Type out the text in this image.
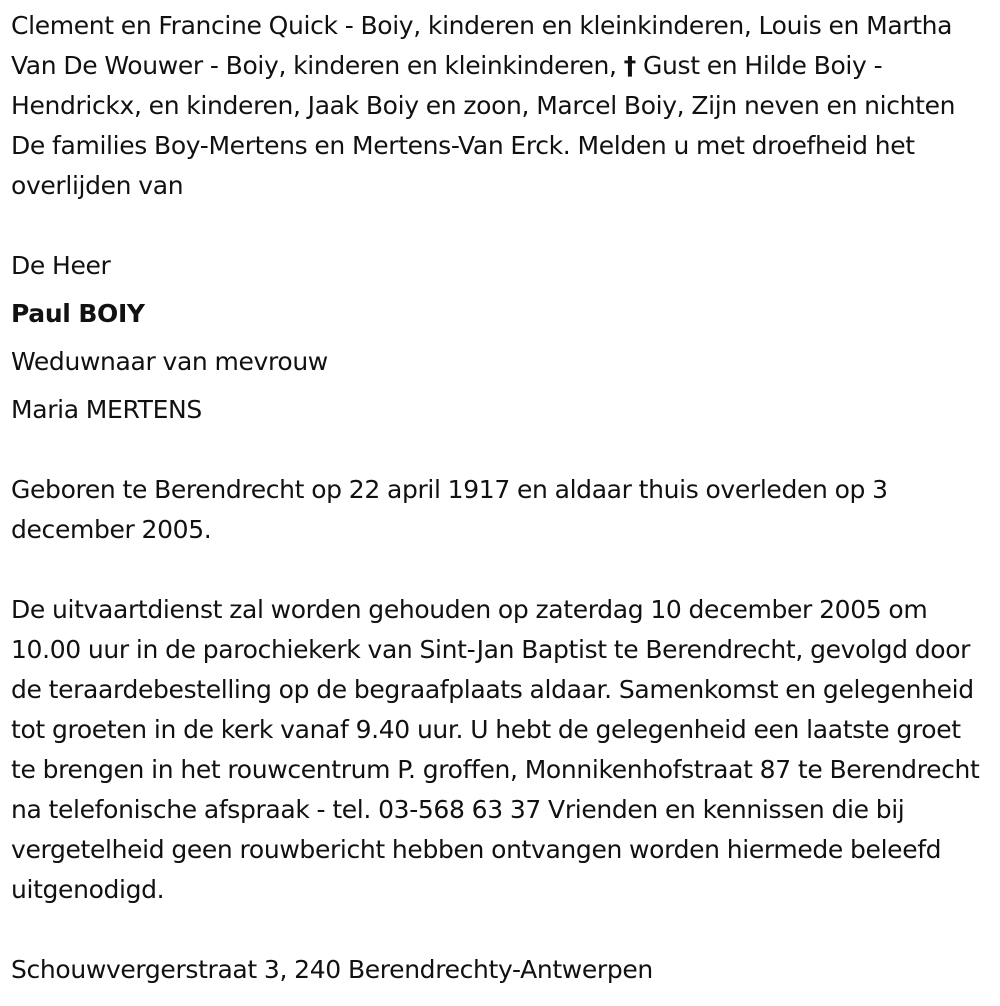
Clement en Francine Quick - Boiy, kinderen en kleinkinderen, Louis en Martha Van De Wouwer - Boiy, kinderen en kleinkinderen, † Gust en Hilde Boiy - Hendrickx, en kinderen, Jaak Boiy en zoon, Marcel Boiy, Zijn neven en nichten De families Boy-Mertens en Mertens-Van Erck. Melden u met droefheid het overlijden van

De Heer

Paul BOIY

Weduwnaar van mevrouw

Maria MERTENS

Geboren te Berendrecht op 22 april 1917 en aldaar thuis overleden op 3 december 2005.

De uitvaartdienst zal worden gehouden op zaterdag 10 december 2005 om 10.00 uur in de parochiekerk van Sint-Jan Baptist te Berendrecht, gevolgd door de teraardebestelling op de begraafplaats aldaar. Samenkomst en gelegenheid tot groeten in de kerk vanaf 9.40 uur. U hebt de gelegenheid een laatste groet te brengen in het rouwcentrum P. groffen, Monnikenhofstraat 87 te Berendrecht na telefonische afspraak - tel. 03-568 63 37 Vrienden en kennissen die bij vergetelheid geen rouwbericht hebben ontvangen worden hiermede beleefd uitgenodigd.

Schouwvergerstraat 3, 240 Berendrechty-Antwerpen
